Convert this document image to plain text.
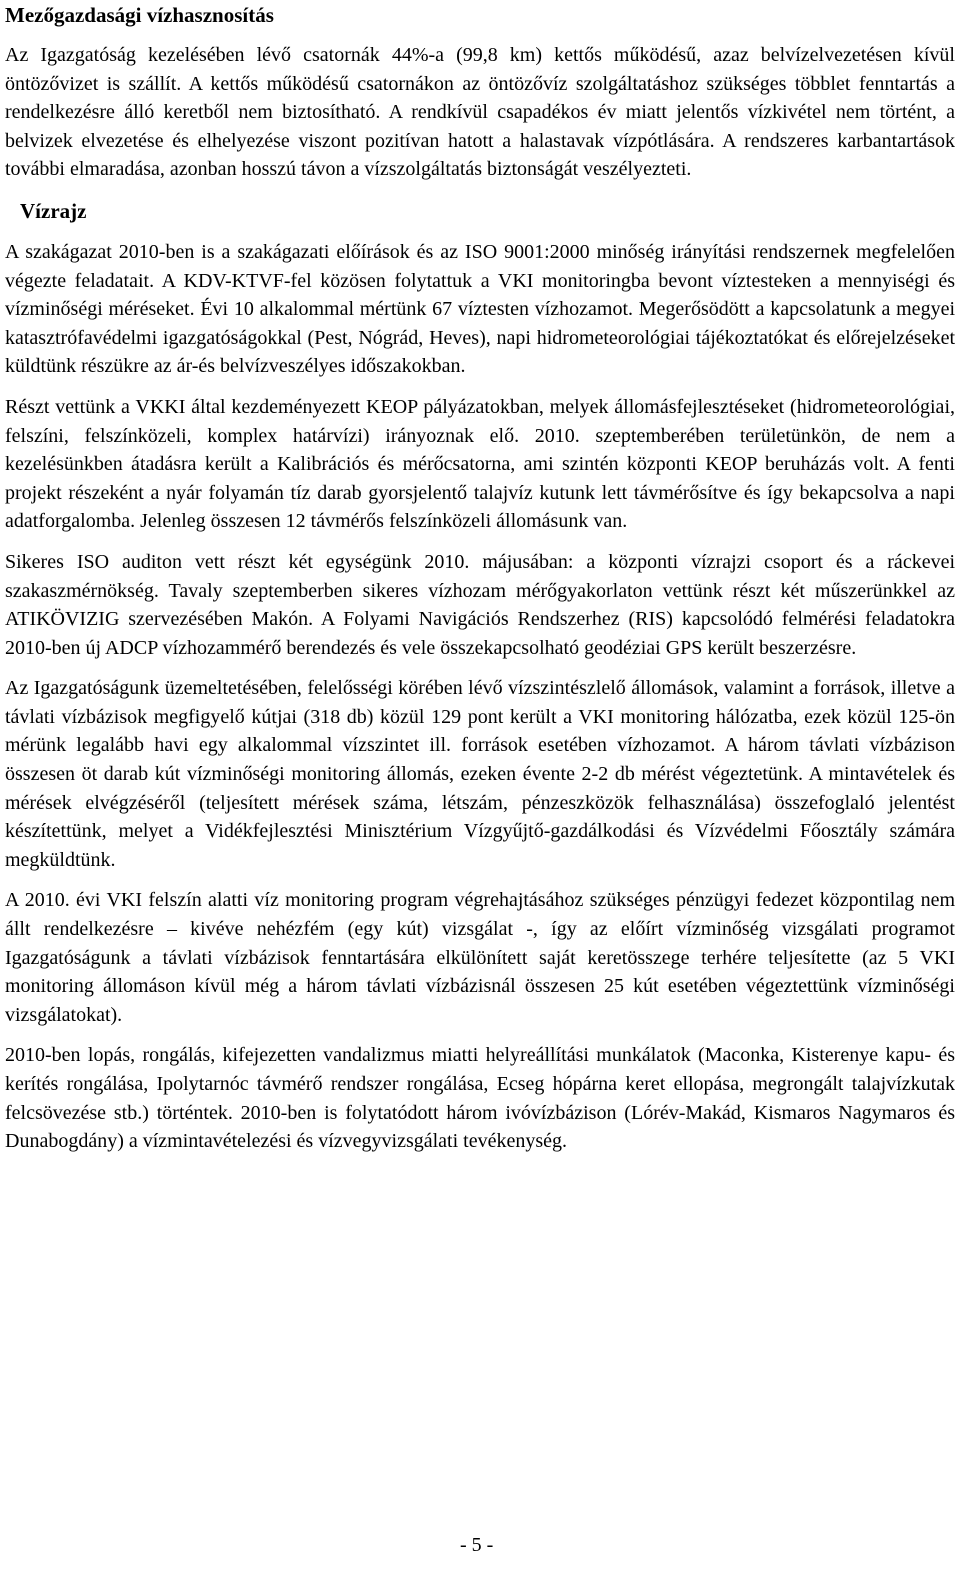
Mezőgazdasági vízhasznosítás

Az Igazgatóság kezelésében lévő csatornák 44%-a (99,8 km) kettős működésű, azaz belvízelvezetésen kívül öntözővizet is szállít. A kettős működésű csatornákon az öntözővíz szolgáltatáshoz szükséges többlet fenntartás a rendelkezésre álló keretből nem biztosítható. A rendkívül csapadékos év miatt jelentős vízkivétel nem történt, a belvizek elvezetése és elhelyezése viszont pozitívan hatott a halastavak vízpótlására. A rendszeres karbantartások további elmaradása, azonban hosszú távon a vízszolgáltatás biztonságát veszélyezteti.

Vízrajz

A szakágazat 2010-ben is a szakágazati előírások és az ISO 9001:2000 minőség irányítási rendszernek megfelelően végezte feladatait. A KDV-KTVF-fel közösen folytattuk a VKI monitoringba bevont víztesteken a mennyiségi és vízminőségi méréseket. Évi 10 alkalommal mértünk 67 víztesten vízhozamot. Megerősödött a kapcsolatunk a megyei katasztrófavédelmi igazgatóságokkal (Pest, Nógrád, Heves), napi hidrometeorológiai tájékoztatókat és előrejelzéseket küldtünk részükre az ár-és belvízveszélyes időszakokban.

Részt vettünk a VKKI által kezdeményezett KEOP pályázatokban, melyek állomásfejlesztéseket (hidrometeorológiai, felszíni, felszínközeli, komplex határvízi) irányoznak elő. 2010. szeptemberében területünkön, de nem a kezelésünkben átadásra került a Kalibrációs és mérőcsatorna, ami szintén központi KEOP beruházás volt. A fenti projekt részeként a nyár folyamán tíz darab gyorsjelentő talajvíz kutunk lett távmérősítve és így bekapcsolva a napi adatforgalomba. Jelenleg összesen 12 távmérős felszínközeli állomásunk van.

Sikeres ISO auditon vett részt két egységünk 2010. májusában: a központi vízrajzi csoport és a ráckevei szakaszmérnökség. Tavaly szeptemberben sikeres vízhozam mérőgyakorlaton vettünk részt két műszerünkkel az ATIKÖVIZIG szervezésében Makón. A Folyami Navigációs Rendszerhez (RIS) kapcsolódó felmérési feladatokra 2010-ben új ADCP vízhozammérő berendezés és vele összekapcsolható geodéziai GPS került beszerzésre.

Az Igazgatóságunk üzemeltetésében, felelősségi körében lévő vízszintészlelő állomások, valamint a források, illetve a távlati vízbázisok megfigyelő kútjai (318 db) közül 129 pont került a VKI monitoring hálózatba, ezek közül 125-ön mérünk legalább havi egy alkalommal vízszintet ill. források esetében vízhozamot. A három távlati vízbázison összesen öt darab kút vízminőségi monitoring állomás, ezeken évente 2-2 db mérést végeztetünk. A mintavételek és mérések elvégzéséről (teljesített mérések száma, létszám, pénzeszközök felhasználása) összefoglaló jelentést készítettünk, melyet a Vidékfejlesztési Minisztérium Vízgyűjtő-gazdálkodási és Vízvédelmi Főosztály számára megküldtünk.

A 2010. évi VKI felszín alatti víz monitoring program végrehajtásához szükséges pénzügyi fedezet központilag nem állt rendelkezésre – kivéve nehézfém (egy kút) vizsgálat -, így az előírt vízminőség vizsgálati programot Igazgatóságunk a távlati vízbázisok fenntartására elkülönített saját keretösszege terhére teljesítette (az 5 VKI monitoring állomáson kívül még a három távlati vízbázisnál összesen 25 kút esetében végeztettünk vízminőségi vizsgálatokat).

2010-ben lopás, rongálás, kifejezetten vandalizmus miatti helyreállítási munkálatok (Maconka, Kisterenye kapu- és kerítés rongálása, Ipolytarnóc távmérő rendszer rongálása, Ecseg hópárna keret ellopása, megrongált talajvízkutak felcsövezése stb.) történtek. 2010-ben is folytatódott három ivóvízbázison (Lórév-Makád, Kismaros Nagymaros és Dunabogdány) a vízmintavételezési és vízvegyvizsgálati tevékenység.

- 5 -
